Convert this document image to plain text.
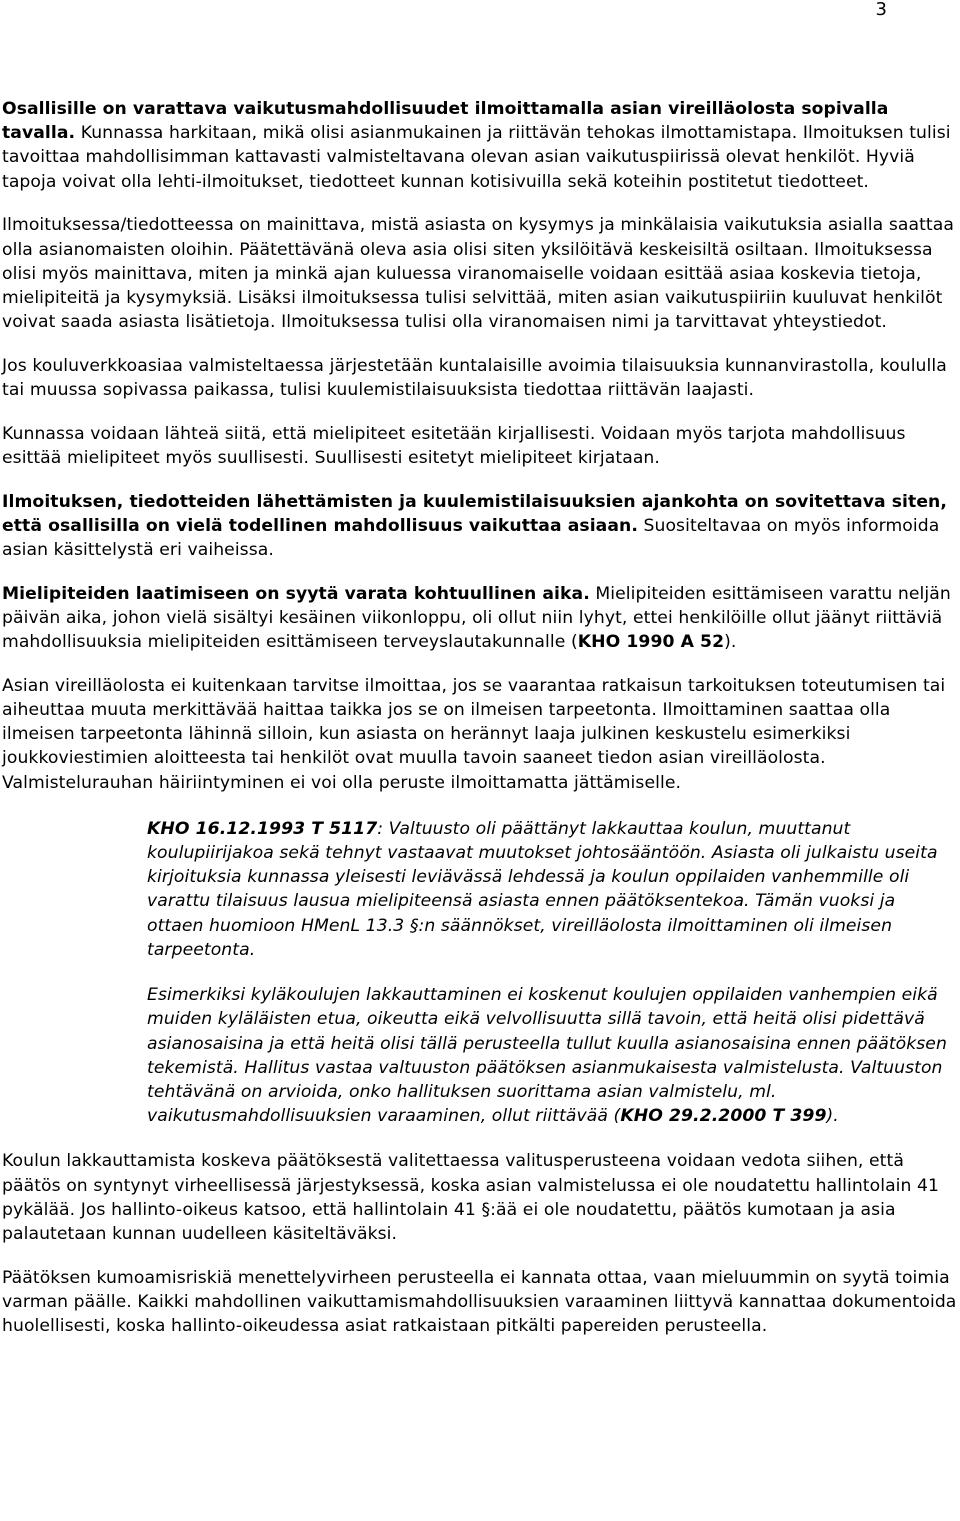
3

Osallisille on varattava vaikutusmahdollisuudet ilmoittamalla asian vireilläolosta sopivalla tavalla. Kunnassa harkitaan, mikä olisi asianmukainen ja riittävän tehokas ilmottamistapa. Ilmoituksen tulisi tavoittaa mahdollisimman kattavasti valmisteltavana olevan asian vaikutuspiirissä olevat henkilöt. Hyviä tapoja voivat olla lehti-ilmoitukset, tiedotteet kunnan kotisivuilla sekä koteihin postitetut tiedotteet.

Ilmoituksessa/tiedotteessa on mainittava, mistä asiasta on kysymys ja minkälaisia vaikutuksia asialla saattaa olla asianomaisten oloihin. Päätettävänä oleva asia olisi siten yksilöitävä keskeisiltä osiltaan. Ilmoituksessa olisi myös mainittava, miten ja minkä ajan kuluessa viranomaiselle voidaan esittää asiaa koskevia tietoja, mielipiteitä ja kysymyksiä. Lisäksi ilmoituksessa tulisi selvittää, miten asian vaikutuspiiriin kuuluvat henkilöt voivat saada asiasta lisätietoja. Ilmoituksessa tulisi olla viranomaisen nimi ja tarvittavat yhteystiedot.

Jos kouluverkkoasiaa valmisteltaessa järjestetään kuntalaisille avoimia tilaisuuksia kunnanvirastolla, koululla tai muussa sopivassa paikassa, tulisi kuulemistilaisuuksista tiedottaa riittävän laajasti.

Kunnassa voidaan lähteä siitä, että mielipiteet esitetään kirjallisesti. Voidaan myös tarjota mahdollisuus esittää mielipiteet myös suullisesti. Suullisesti esitetyt mielipiteet kirjataan.

Ilmoituksen, tiedotteiden lähettämisten ja kuulemistilaisuuksien ajankohta on sovitettava siten, että osallisilla on vielä todellinen mahdollisuus vaikuttaa asiaan. Suositeltavaa on myös informoida asian käsittelystä eri vaiheissa.

Mielipiteiden laatimiseen on syytä varata kohtuullinen aika. Mielipiteiden esittämiseen varattu neljän päivän aika, johon vielä sisältyi kesäinen viikonloppu, oli ollut niin lyhyt, ettei henkilöille ollut jäänyt riittäviä mahdollisuuksia mielipiteiden esittämiseen terveyslautakunnalle (KHO 1990 A 52).

Asian vireilläolosta ei kuitenkaan tarvitse ilmoittaa, jos se vaarantaa ratkaisun tarkoituksen toteutumisen tai aiheuttaa muuta merkittävää haittaa taikka jos se on ilmeisen tarpeetonta. Ilmoittaminen saattaa olla ilmeisen tarpeetonta lähinnä silloin, kun asiasta on herännyt laaja julkinen keskustelu esimerkiksi joukkoviestimien aloitteesta tai henkilöt ovat muulla tavoin saaneet tiedon asian vireilläolosta. Valmistelurauhan häiriintyminen ei voi olla peruste ilmoittamatta jättämiselle.

KHO 16.12.1993 T 5117: Valtuusto oli päättänyt lakkauttaa koulun, muuttanut koulupiirijakoa sekä tehnyt vastaavat muutokset johtosääntöön. Asiasta oli julkaistu useita kirjoituksia kunnassa yleisesti leviävässä lehdessä ja koulun oppilaiden vanhemmille oli varattu tilaisuus lausua mielipiteensä asiasta ennen päätöksentekoa. Tämän vuoksi ja ottaen huomioon HMenL 13.3 §:n säännökset, vireilläolosta ilmoittaminen oli ilmeisen tarpeetonta.

Esimerkiksi kyläkoulujen lakkauttaminen ei koskenut koulujen oppilaiden vanhempien eikä muiden kyläläisten etua, oikeutta eikä velvollisuutta sillä tavoin, että heitä olisi pidettävä asianosaisina ja että heitä olisi tällä perusteella tullut kuulla asianosaisina ennen päätöksen tekemistä. Hallitus vastaa valtuuston päätöksen asianmukaisesta valmistelusta. Valtuuston tehtävänä on arvioida, onko hallituksen suorittama asian valmistelu, ml. vaikutusmahdollisuuksien varaaminen, ollut riittävää (KHO 29.2.2000 T 399).

Koulun lakkauttamista koskeva päätöksestä valitettaessa valitusperusteena voidaan vedota siihen, että päätös on syntynyt virheellisessä järjestyksessä, koska asian valmistelussa ei ole noudatettu hallintolain 41 pykälää. Jos hallinto-oikeus katsoo, että hallintolain 41 §:ää ei ole noudatettu, päätös kumotaan ja asia palautetaan kunnan uudelleen käsiteltäväksi.

Päätöksen kumoamisriskiä menettelyvirheen perusteella ei kannata ottaa, vaan mieluummin on syytä toimia varman päälle. Kaikki mahdollinen vaikuttamismahdollisuuksien varaaminen liittyvä kannattaa dokumentoida huolellisesti, koska hallinto-oikeudessa asiat ratkaistaan pitkälti papereiden perusteella.
